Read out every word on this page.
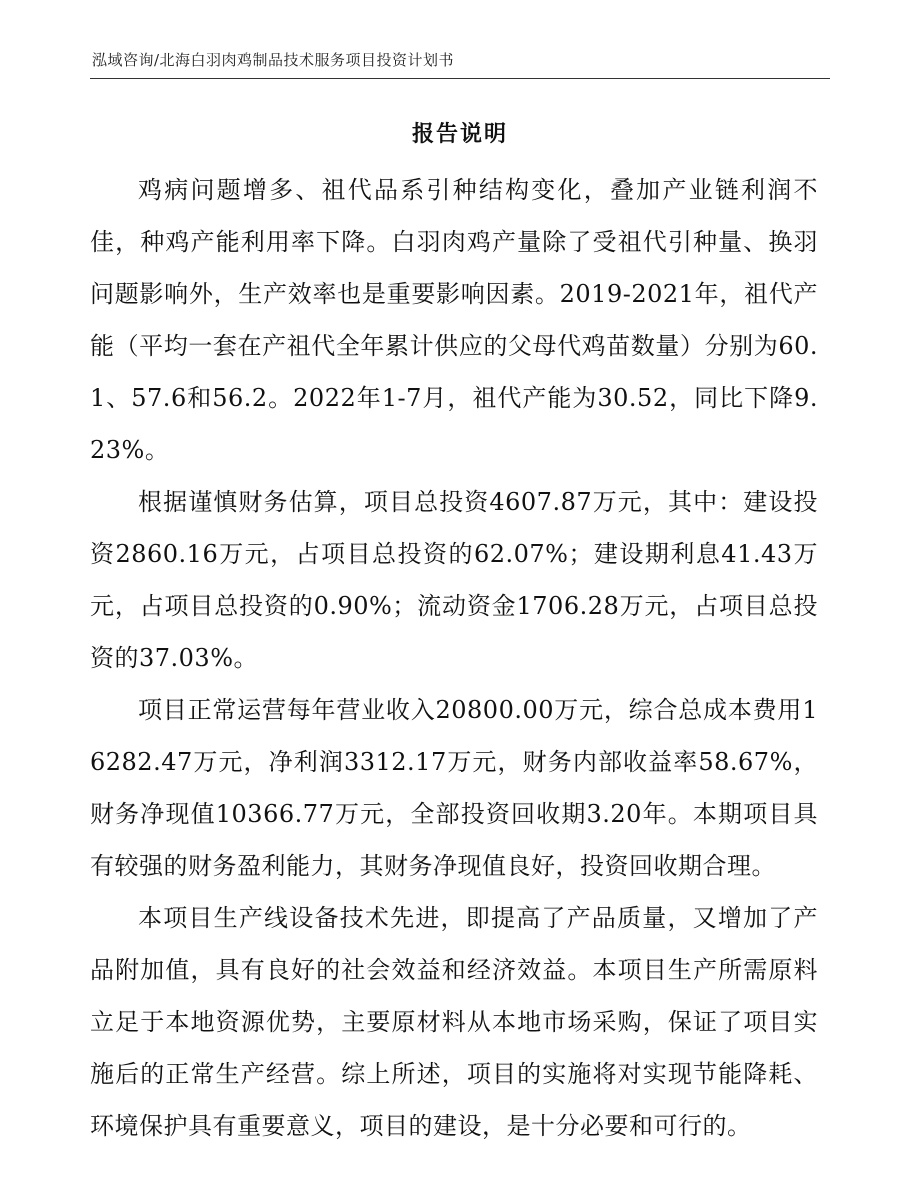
泓域咨询/北海白羽肉鸡制品技术服务项目投资计划书
报告说明

鸡病问题增多、祖代品系引种结构变化，叠加产业链利润不佳，种鸡产能利用率下降。白羽肉鸡产量除了受祖代引种量、换羽问题影响外，生产效率也是重要影响因素。2019-2021年，祖代产能（平均一套在产祖代全年累计供应的父母代鸡苗数量）分别为60.1、57.6和56.2。2022年1-7月，祖代产能为30.52，同比下降9.23%。

根据谨慎财务估算，项目总投资4607.87万元，其中：建设投资2860.16万元，占项目总投资的62.07%；建设期利息41.43万元，占项目总投资的0.90%；流动资金1706.28万元，占项目总投资的37.03%。

项目正常运营每年营业收入20800.00万元，综合总成本费用16282.47万元，净利润3312.17万元，财务内部收益率58.67%，财务净现值10366.77万元，全部投资回收期3.20年。本期项目具有较强的财务盈利能力，其财务净现值良好，投资回收期合理。

本项目生产线设备技术先进，即提高了产品质量，又增加了产品附加值，具有良好的社会效益和经济效益。本项目生产所需原料立足于本地资源优势，主要原材料从本地市场采购，保证了项目实施后的正常生产经营。综上所述，项目的实施将对实现节能降耗、环境保护具有重要意义，项目的建设，是十分必要和可行的。
